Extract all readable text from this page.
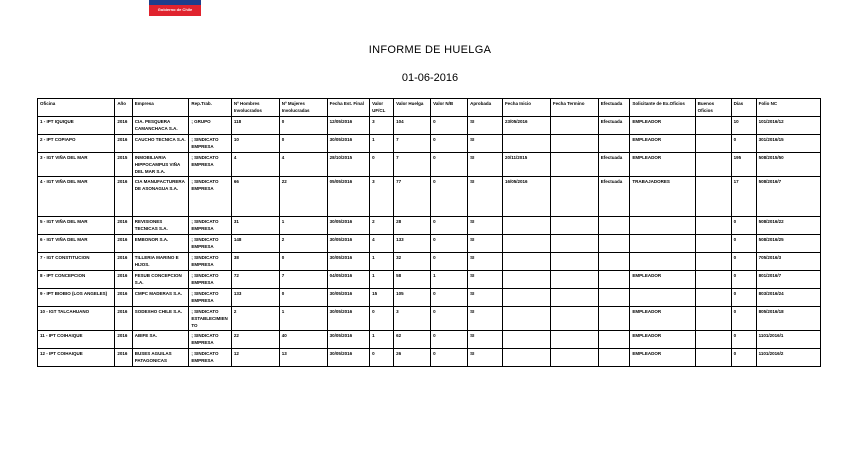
Gobierno de Chile
INFORME DE HUELGA
01-06-2016
Oficina	Año	Empresa	Rep.Trab.	Nº Hombres Involucrados	Nº Mujeres Involucradas	Fecha Est. Final	Valor UF/CL	Valor Huelga	Valor N/B	Aprobada	Fecha Inicio	Fecha Termino	Efectuada	Solicitante de Ex.Oficios	Buenos Oficios	Días	Folio NC
1 - IPT IQUIQUE	2016	CIA. PESQUERA CAMANCHACA S.A.	; GRUPO	118	0	12/05/2016	3	104	0	SI	23/05/2016		Efectuada	EMPLEADOR		10	101/2016/12
2 - IPT COPIAPO	2016	CAUCHO TECNICA S.A.	; SINDICATO EMPRESA	10	0	30/05/2016	1	7	0	SI				EMPLEADOR		0	301/2016/15
3 - IGT VIÑA DEL MAR	2015	INMOBILIARIA HIPPOCAMPUS VIÑA DEL MAR S.A.	; SINDICATO EMPRESA	4	4	28/10/2015	0	7	0	SI	20/11/2015		Efectuada	EMPLEADOR		195	508/2015/50
4 - IGT VIÑA DEL MAR	2016	CIA MANUFACTURERA DE ASONAGUA S.A.	; SINDICATO EMPRESA	66	22	05/05/2016	3	77	0	SI	16/05/2016		Efectuada	TRABAJADORES		17	508/2016/7
5 - IGT VIÑA DEL MAR	2016	REVISIONES TECNICAS S.A.	; SINDICATO EMPRESA	31	1	30/05/2016	2	28	0	SI						0	508/2016/22
6 - IGT VIÑA DEL MAR	2016	EMBONOR S.A.	; SINDICATO EMPRESA	148	2	30/05/2016	4	133	0	SI						0	508/2016/25
7 - IGT CONSTITUCION	2016	TILLERIA MARINO E HIJOS.	; SINDICATO EMPRESA	38	0	30/05/2016	1	32	0	SI						0	705/2016/3
8 - IPT CONCEPCION	2016	FESUB CONCEPCION S.A.	; SINDICATO EMPRESA	72	7	04/05/2016	1	58	1	SI				EMPLEADOR		0	801/2016/7
9 - IPT BIOBIO (LOS ANGELES)	2016	CMPC MADERAS S.A.	; SINDICATO EMPRESA	133	0	30/05/2016	15	105	0	SI						0	803/2016/24
10 - IGT TALCAHUANO	2016	SODEXHO CHILE S.A.	; SINDICATO ESTABLECIMIENTO	2	1	30/05/2016	0	3	0	SI				EMPLEADOR		0	805/2016/18
11 - IPT COIHAIQUE	2016	ABIFE SA.	; SINDICATO EMPRESA	22	40	30/05/2016	1	62	0	SI				EMPLEADOR		0	1101/2016/1
12 - IPT COIHAIQUE	2016	BUSES AGUILAS PATAGONICAS	; SINDICATO EMPRESA	12	13	30/05/2016	0	26	0	SI				EMPLEADOR		0	1101/2016/2
